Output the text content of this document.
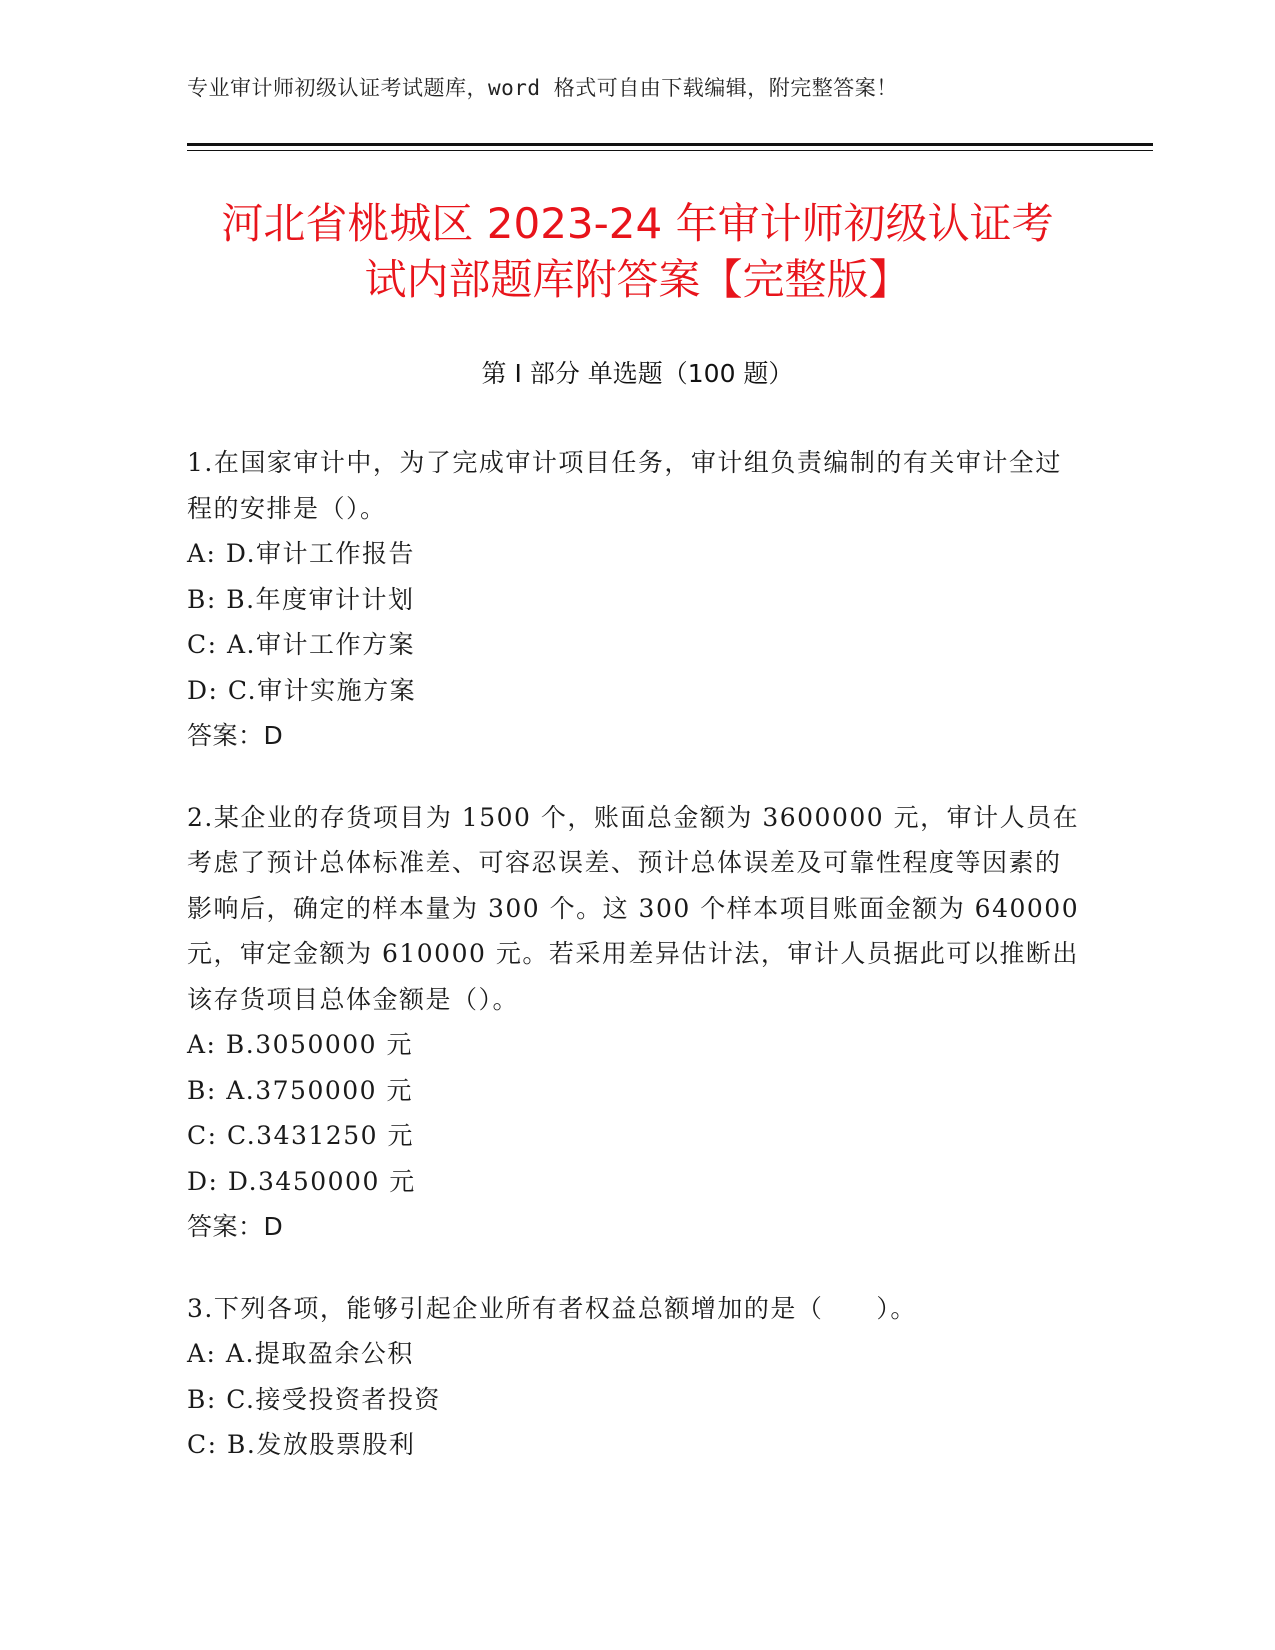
专业审计师初级认证考试题库，word 格式可自由下载编辑，附完整答案！
河北省桃城区 2023-24 年审计师初级认证考
试内部题库附答案【完整版】
第 I 部分 单选题（100 题）

1.在国家审计中，为了完成审计项目任务，审计组负责编制的有关审计全过程的安排是（）。

A: D.审计工作报告

B: B.年度审计计划

C: A.审计工作方案

D: C.审计实施方案

答案：D

2.某企业的存货项目为 1500 个，账面总金额为 3600000 元，审计人员在考虑了预计总体标准差、可容忍误差、预计总体误差及可靠性程度等因素的影响后，确定的样本量为 300 个。这 300 个样本项目账面金额为 640000 元，审定金额为 610000 元。若采用差异估计法，审计人员据此可以推断出该存货项目总体金额是（）。

A: B.3050000 元

B: A.3750000 元

C: C.3431250 元

D: D.3450000 元

答案：D

3.下列各项，能够引起企业所有者权益总额增加的是（　　）。

A: A.提取盈余公积

B: C.接受投资者投资

C: B.发放股票股利
